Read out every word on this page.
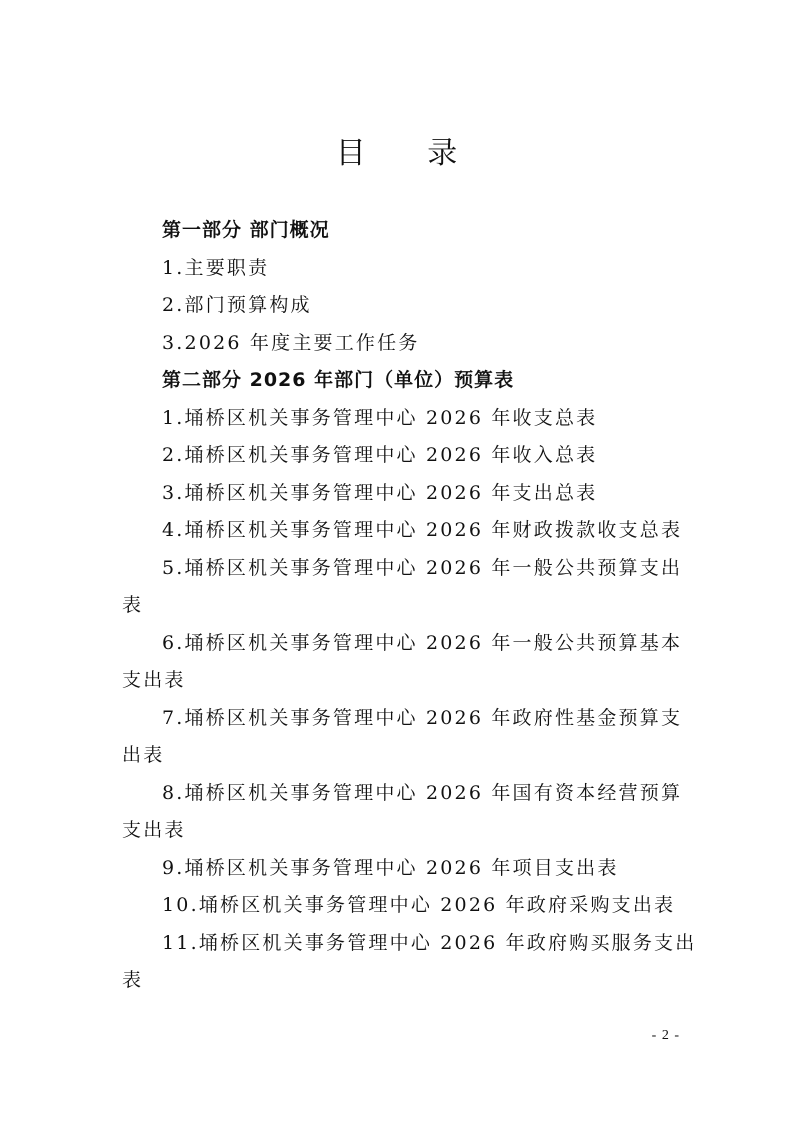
目 录
第一部分 部门概况
1.主要职责
2.部门预算构成
3.2026 年度主要工作任务
第二部分 2026 年部门（单位）预算表
1.埇桥区机关事务管理中心 2026 年收支总表
2.埇桥区机关事务管理中心 2026 年收入总表
3.埇桥区机关事务管理中心 2026 年支出总表
4.埇桥区机关事务管理中心 2026 年财政拨款收支总表
5.埇桥区机关事务管理中心 2026 年一般公共预算支出
表
6.埇桥区机关事务管理中心 2026 年一般公共预算基本
支出表
7.埇桥区机关事务管理中心 2026 年政府性基金预算支
出表
8.埇桥区机关事务管理中心 2026 年国有资本经营预算
支出表
9.埇桥区机关事务管理中心 2026 年项目支出表
10.埇桥区机关事务管理中心 2026 年政府采购支出表
11.埇桥区机关事务管理中心 2026 年政府购买服务支出
表
- 2 -
